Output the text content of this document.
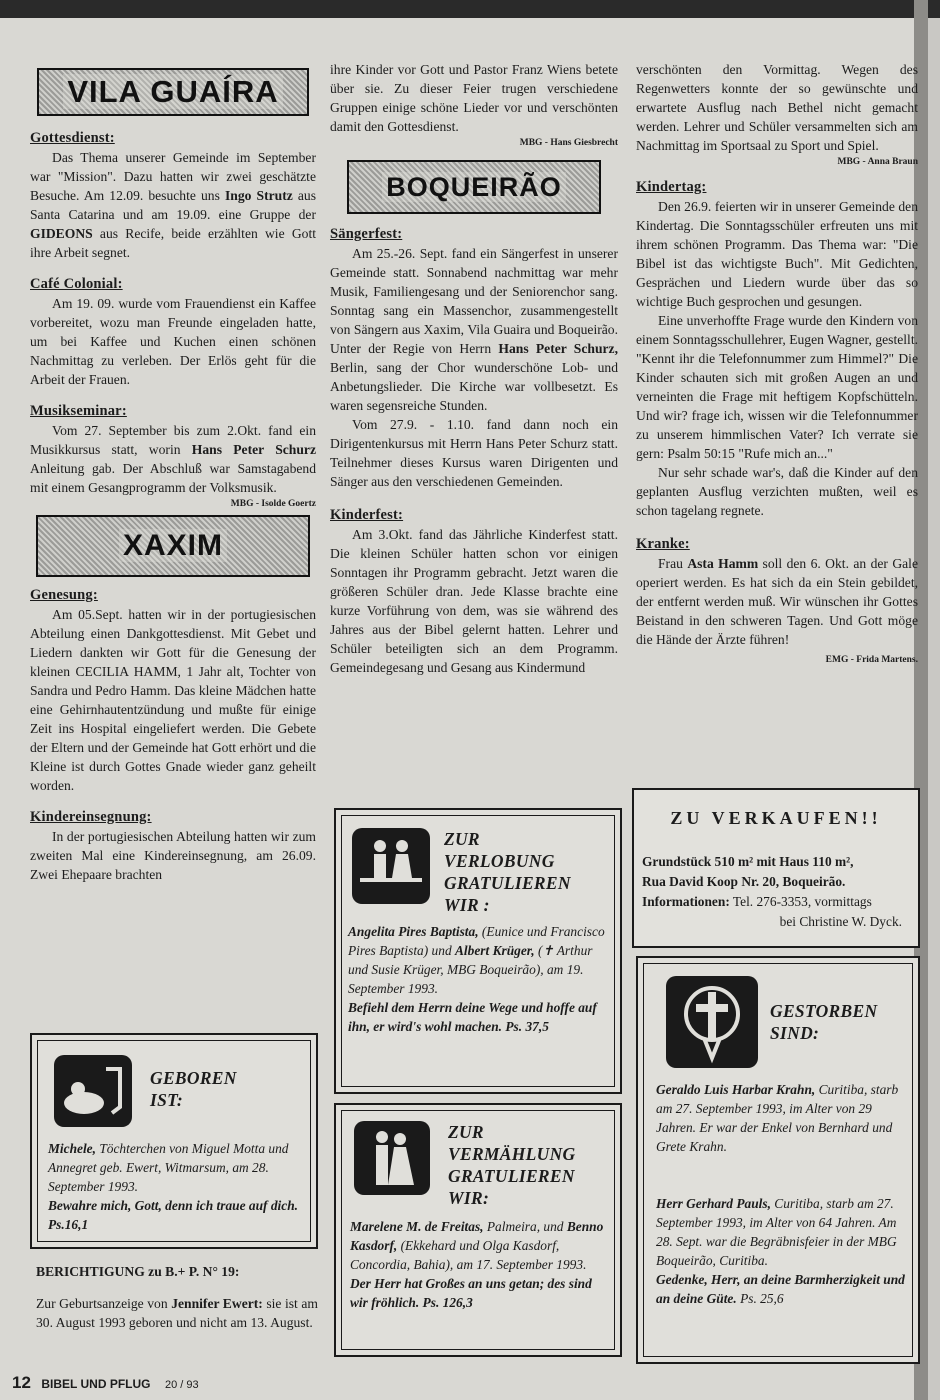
VILA GUAÍRA
Gottesdienst:

Das Thema unserer Gemeinde im September war "Mission". Dazu hatten wir zwei geschätzte Besuche. Am 12.09. besuchte uns Ingo Strutz aus Santa Catarina und am 19.09. eine Gruppe der GIDEONS aus Recife, beide erzählten wie Gott ihre Arbeit segnet.

Café Colonial:

Am 19. 09. wurde vom Frauendienst ein Kaffee vorbereitet, wozu man Freunde eingeladen hatte, um bei Kaffee und Kuchen einen schönen Nachmittag zu verleben. Der Erlös geht für die Arbeit der Frauen.

Musikseminar:

Vom 27. September bis zum 2.Okt. fand ein Musikkursus statt, worin Hans Peter Schurz Anleitung gab. Der Abschluß war Samstagabend mit einem Gesangprogramm der Volksmusik.

MBG - Isolde Goertz
XAXIM
Genesung:

Am 05.Sept. hatten wir in der portugiesischen Abteilung einen Dankgottesdienst. Mit Gebet und Liedern dankten wir Gott für die Genesung der kleinen CECILIA HAMM, 1 Jahr alt, Tochter von Sandra und Pedro Hamm. Das kleine Mädchen hatte eine Gehirnhautentzündung und mußte für einige Zeit ins Hospital eingeliefert werden. Die Gebete der Eltern und der Gemeinde hat Gott erhört und die Kleine ist durch Gottes Gnade wieder ganz geheilt worden.

Kindereinsegnung:

In der portugiesischen Abteilung hatten wir zum zweiten Mal eine Kindereinsegnung, am 26.09. Zwei Ehepaare brachten

GEBOREN
IST:
Michele, Töchterchen von Miguel Motta und Annegret geb. Ewert, Witmarsum, am 28. September 1993.
Bewahre mich, Gott, denn ich traue auf dich. Ps.16,1
BERICHTIGUNG zu B.+ P. N° 19:

Zur Geburtsanzeige von Jennifer Ewert: sie ist am 30. August 1993 geboren und nicht am 13. August.

ihre Kinder vor Gott und Pastor Franz Wiens betete über sie. Zu dieser Feier trugen verschiedene Gruppen einige schöne Lieder vor und verschönten damit den Gottesdienst.

MBG - Hans Giesbrecht
BOQUEIRÃO
Sängerfest:

Am 25.-26. Sept. fand ein Sängerfest in unserer Gemeinde statt. Sonnabend nachmittag war mehr Musik, Familiengesang und der Seniorenchor sang. Sonntag sang ein Massenchor, zusammengestellt von Sängern aus Xaxim, Vila Guaira und Boqueirão. Unter der Regie von Herrn Hans Peter Schurz, Berlin, sang der Chor wunderschöne Lob- und Anbetungslieder. Die Kirche war vollbesetzt. Es waren segensreiche Stunden.

Vom 27.9. - 1.10. fand dann noch ein Dirigentenkursus mit Herrn Hans Peter Schurz statt. Teilnehmer dieses Kursus waren Dirigenten und Sänger aus den verschiedenen Gemeinden.

Kinderfest:

Am 3.Okt. fand das Jährliche Kinderfest statt. Die kleinen Schüler hatten schon vor einigen Sonntagen ihr Programm gebracht. Jetzt waren die größeren Schüler dran. Jede Klasse brachte eine kurze Vorführung von dem, was sie während des Jahres aus der Bibel gelernt hatten. Lehrer und Schüler beteiligten sich an dem Programm. Gemeindegesang und Gesang aus Kindermund

ZUR
VERLOBUNG
GRATULIEREN
WIR :
Angelita Pires Baptista, (Eunice und Francisco Pires Baptista) und Albert Krüger, (✝ Arthur und Susie Krüger, MBG Boqueirão), am 19. September 1993.
Befiehl dem Herrn deine Wege und hoffe auf ihn, er wird's wohl machen. Ps. 37,5
ZUR
VERMÄHLUNG
GRATULIEREN
WIR:
Marelene M. de Freitas, Palmeira, und Benno Kasdorf, (Ekkehard und Olga Kasdorf, Concordia, Bahia), am 17. September 1993.
Der Herr hat Großes an uns getan; des sind wir fröhlich. Ps. 126,3

verschönten den Vormittag. Wegen des Regenwetters konnte der so gewünschte und erwartete Ausflug nach Bethel nicht gemacht werden. Lehrer und Schüler versammelten sich am Nachmittag im Sportsaal zu Sport und Spiel.

MBG - Anna Braun
Kindertag:

Den 26.9. feierten wir in unserer Gemeinde den Kindertag. Die Sonntagsschüler erfreuten uns mit ihrem schönen Programm. Das Thema war: "Die Bibel ist das wichtigste Buch". Mit Gedichten, Gesprächen und Liedern wurde über das so wichtige Buch gesprochen und gesungen.

Eine unverhoffte Frage wurde den Kindern von einem Sonntagsschullehrer, Eugen Wagner, gestellt. "Kennt ihr die Telefonnummer zum Himmel?" Die Kinder schauten sich mit großen Augen an und verneinten die Frage mit heftigem Kopfschütteln. Und wir? frage ich, wissen wir die Telefonnummer zu unserem himmlischen Vater? Ich verrate sie gern: Psalm 50:15 "Rufe mich an..."

Nur sehr schade war's, daß die Kinder auf den geplanten Ausflug verzichten mußten, weil es schon tagelang regnete.

Kranke:

Frau Asta Hamm soll den 6. Okt. an der Gale operiert werden. Es hat sich da ein Stein gebildet, der entfernt werden muß. Wir wünschen ihr Gottes Beistand in den schweren Tagen. Und Gott möge die Hände der Ärzte führen!

EMG - Frida Martens.
ZU VERKAUFEN!!
Grundstück 510 m² mit Haus 110 m²,
Rua David Koop Nr. 20, Boqueirão.
Informationen: Tel. 276-3353, vormittags
bei Christine W. Dyck.
GESTORBEN
SIND:
Geraldo Luis Harbar Krahn, Curitiba, starb am 27. September 1993, im Alter von 29 Jahren. Er war der Enkel von Bernhard und Grete Krahn.
Herr Gerhard Pauls, Curitiba, starb am 27. September 1993, im Alter von 64 Jahren. Am 28. Sept. war die Begräbnisfeier in der MBG Boqueirão, Curitiba.
Gedenke, Herr, an deine Barmherzigkeit und an deine Güte. Ps. 25,6
12 BIBEL UND PFLUG 20 / 93
